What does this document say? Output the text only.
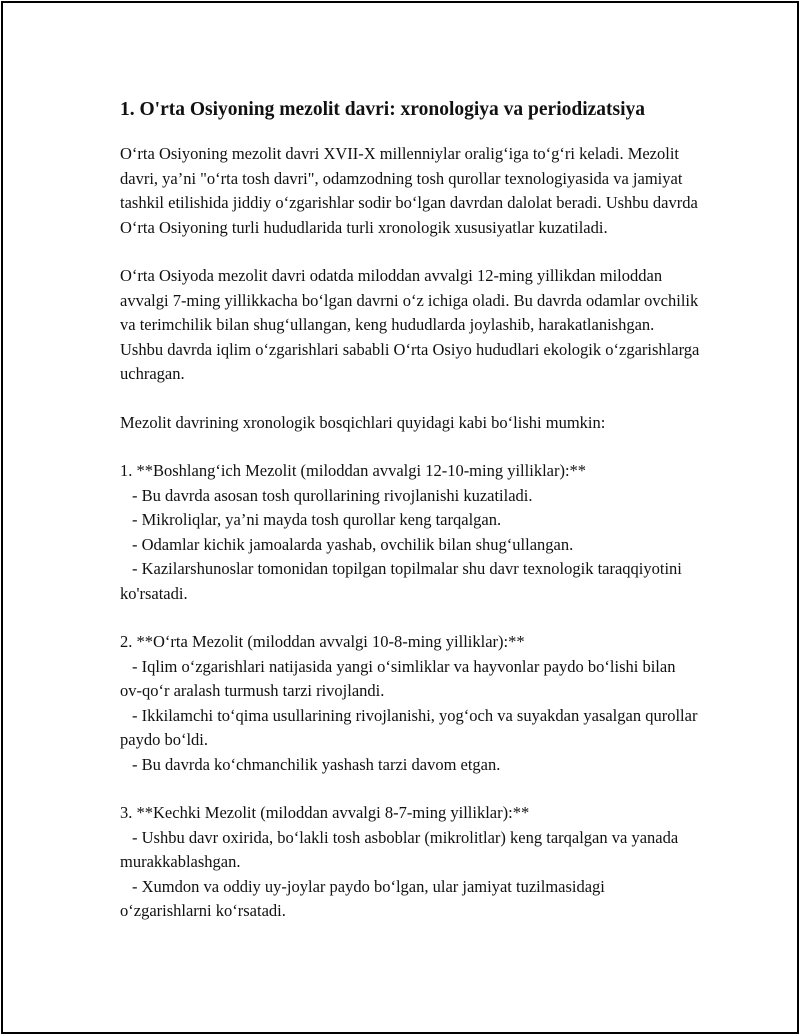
1. O'rta Osiyoning mezolit davri: xronologiya va periodizatsiya

O‘rta Osiyoning mezolit davri XVII-X millenniylar oralig‘iga to‘g‘ri keladi. Mezolit davri, ya’ni "o‘rta tosh davri", odamzodning tosh qurollar texnologiyasida va jamiyat tashkil etilishida jiddiy o‘zgarishlar sodir bo‘lgan davrdan dalolat beradi. Ushbu davrda O‘rta Osiyoning turli hududlarida turli xronologik xususiyatlar kuzatiladi.

O‘rta Osiyoda mezolit davri odatda miloddan avvalgi 12-ming yillikdan miloddan avvalgi 7-ming yillikkacha bo‘lgan davrni o‘z ichiga oladi. Bu davrda odamlar ovchilik va terimchilik bilan shug‘ullangan, keng hududlarda joylashib, harakatlanishgan. Ushbu davrda iqlim o‘zgarishlari sababli O‘rta Osiyo hududlari ekologik o‘zgarishlarga uchragan.

Mezolit davrining xronologik bosqichlari quyidagi kabi bo‘lishi mumkin:

1. **Boshlang‘ich Mezolit (miloddan avvalgi 12-10-ming yilliklar):**
- Bu davrda asosan tosh qurollarining rivojlanishi kuzatiladi.
- Mikroliqlar, ya’ni mayda tosh qurollar keng tarqalgan.
- Odamlar kichik jamoalarda yashab, ovchilik bilan shug‘ullangan.
- Kazilarshunoslar tomonidan topilgan topilmalar shu davr texnologik taraqqiyotini ko'rsatadi.
2. **O‘rta Mezolit (miloddan avvalgi 10-8-ming yilliklar):**
- Iqlim o‘zgarishlari natijasida yangi o‘simliklar va hayvonlar paydo bo‘lishi bilan ov-qo‘r aralash turmush tarzi rivojlandi.
- Ikkilamchi to‘qima usullarining rivojlanishi, yog‘och va suyakdan yasalgan qurollar paydo bo‘ldi.
- Bu davrda ko‘chmanchilik yashash tarzi davom etgan.
3. **Kechki Mezolit (miloddan avvalgi 8-7-ming yilliklar):**
- Ushbu davr oxirida, bo‘lakli tosh asboblar (mikrolitlar) keng tarqalgan va yanada murakkablashgan.
- Xumdon va oddiy uy-joylar paydo bo‘lgan, ular jamiyat tuzilmasidagi o‘zgarishlarni ko‘rsatadi.
